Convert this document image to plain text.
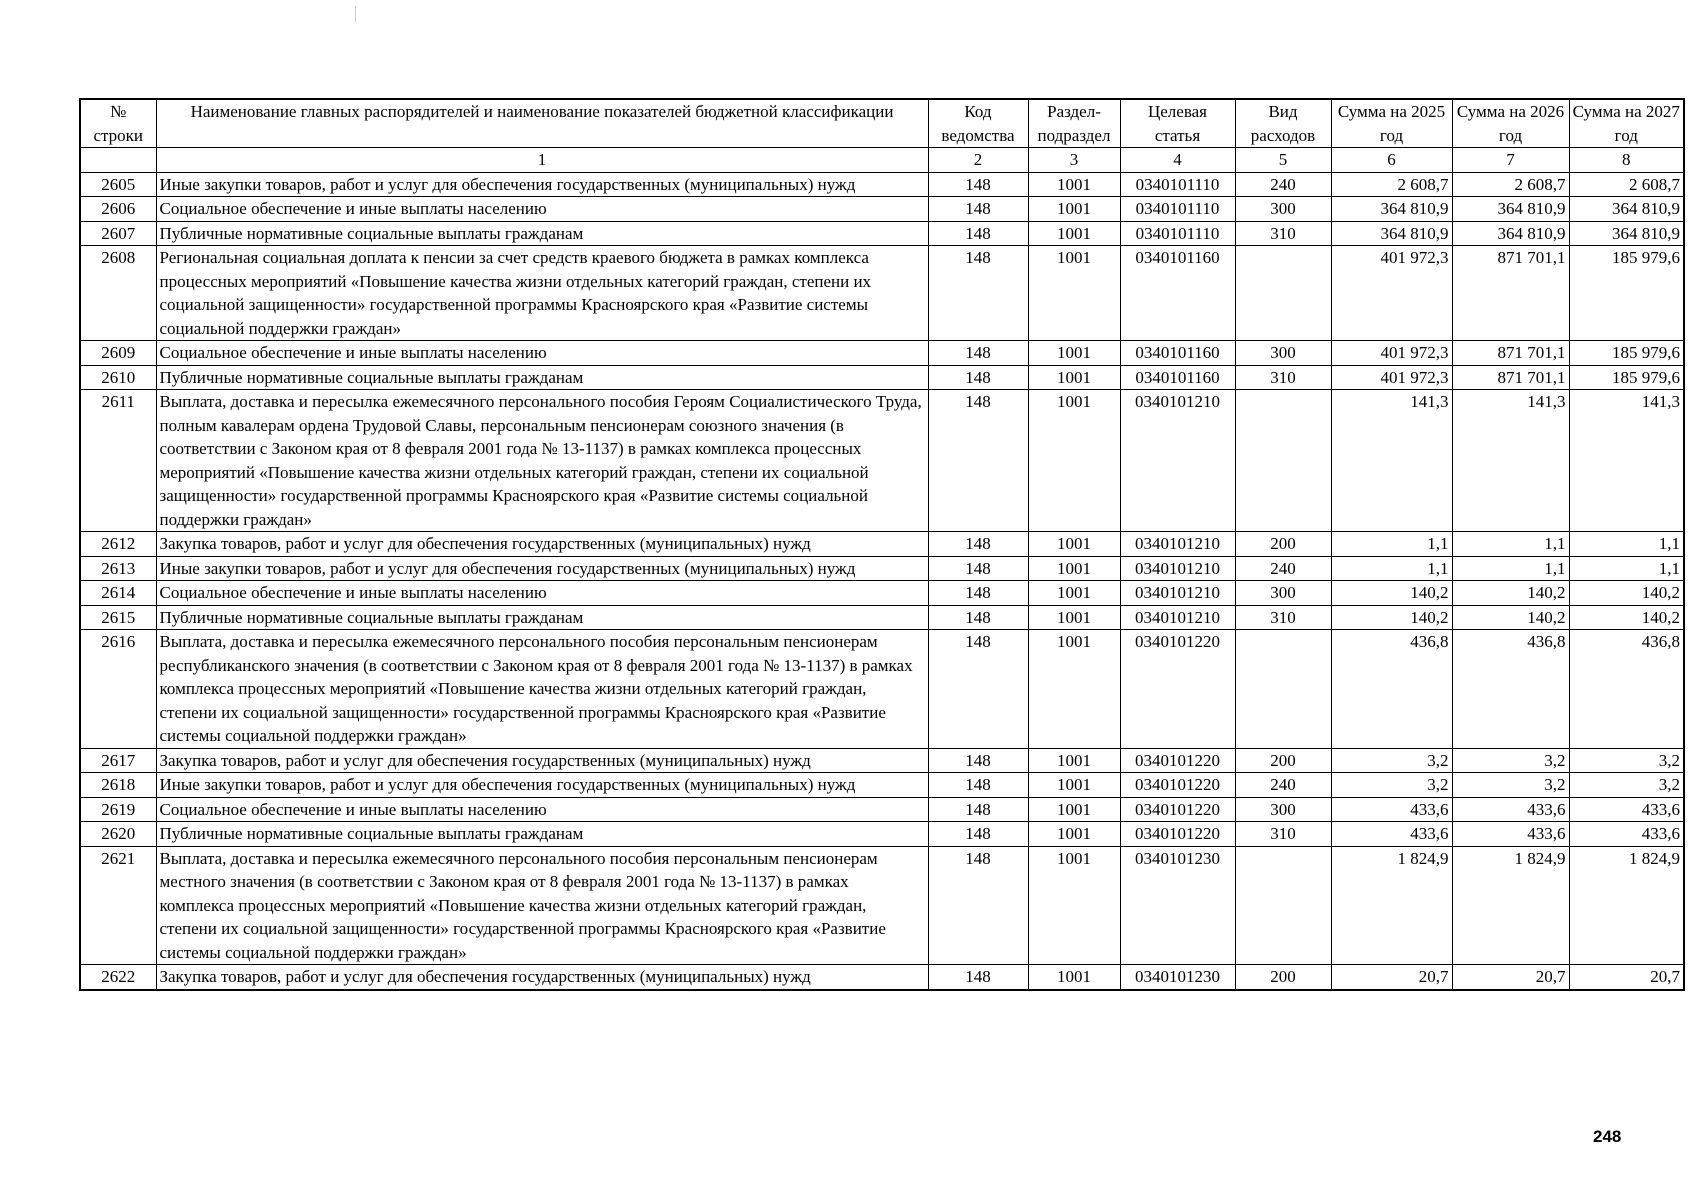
№ строки	Наименование главных распорядителей и наименование показателей бюджетной классификации	Код ведомства	Раздел-подраздел	Целевая статья	Вид расходов	Сумма на 2025 год	Сумма на 2026 год	Сумма на 2027 год
	1	2	3	4	5	6	7	8
2605	Иные закупки товаров, работ и услуг для обеспечения государственных (муниципальных) нужд	148	1001	0340101110	240	2 608,7	2 608,7	2 608,7
2606	Социальное обеспечение и иные выплаты населению	148	1001	0340101110	300	364 810,9	364 810,9	364 810,9
2607	Публичные нормативные социальные выплаты гражданам	148	1001	0340101110	310	364 810,9	364 810,9	364 810,9
2608	Региональная социальная доплата к пенсии за счет средств краевого бюджета в рамках комплекса процессных мероприятий «Повышение качества жизни отдельных категорий граждан, степени их социальной защищенности» государственной программы Красноярского края «Развитие системы социальной поддержки граждан»	148	1001	0340101160		401 972,3	871 701,1	185 979,6
2609	Социальное обеспечение и иные выплаты населению	148	1001	0340101160	300	401 972,3	871 701,1	185 979,6
2610	Публичные нормативные социальные выплаты гражданам	148	1001	0340101160	310	401 972,3	871 701,1	185 979,6
2611	Выплата, доставка и пересылка ежемесячного персонального пособия Героям Социалистического Труда, полным кавалерам ордена Трудовой Славы, персональным пенсионерам союзного значения (в соответствии с Законом края от 8 февраля 2001 года № 13-1137) в рамках комплекса процессных мероприятий «Повышение качества жизни отдельных категорий граждан, степени их социальной защищенности» государственной программы Красноярского края «Развитие системы социальной поддержки граждан»	148	1001	0340101210		141,3	141,3	141,3
2612	Закупка товаров, работ и услуг для обеспечения государственных (муниципальных) нужд	148	1001	0340101210	200	1,1	1,1	1,1
2613	Иные закупки товаров, работ и услуг для обеспечения государственных (муниципальных) нужд	148	1001	0340101210	240	1,1	1,1	1,1
2614	Социальное обеспечение и иные выплаты населению	148	1001	0340101210	300	140,2	140,2	140,2
2615	Публичные нормативные социальные выплаты гражданам	148	1001	0340101210	310	140,2	140,2	140,2
2616	Выплата, доставка и пересылка ежемесячного персонального пособия персональным пенсионерам республиканского значения (в соответствии с Законом края от 8 февраля 2001 года № 13-1137) в рамках комплекса процессных мероприятий «Повышение качества жизни отдельных категорий граждан, степени их социальной защищенности» государственной программы Красноярского края «Развитие системы социальной поддержки граждан»	148	1001	0340101220		436,8	436,8	436,8
2617	Закупка товаров, работ и услуг для обеспечения государственных (муниципальных) нужд	148	1001	0340101220	200	3,2	3,2	3,2
2618	Иные закупки товаров, работ и услуг для обеспечения государственных (муниципальных) нужд	148	1001	0340101220	240	3,2	3,2	3,2
2619	Социальное обеспечение и иные выплаты населению	148	1001	0340101220	300	433,6	433,6	433,6
2620	Публичные нормативные социальные выплаты гражданам	148	1001	0340101220	310	433,6	433,6	433,6
2621	Выплата, доставка и пересылка ежемесячного персонального пособия персональным пенсионерам местного значения (в соответствии с Законом края от 8 февраля 2001 года № 13-1137) в рамках комплекса процессных мероприятий «Повышение качества жизни отдельных категорий граждан, степени их социальной защищенности» государственной программы Красноярского края «Развитие системы социальной поддержки граждан»	148	1001	0340101230		1 824,9	1 824,9	1 824,9
2622	Закупка товаров, работ и услуг для обеспечения государственных (муниципальных) нужд	148	1001	0340101230	200	20,7	20,7	20,7
248
